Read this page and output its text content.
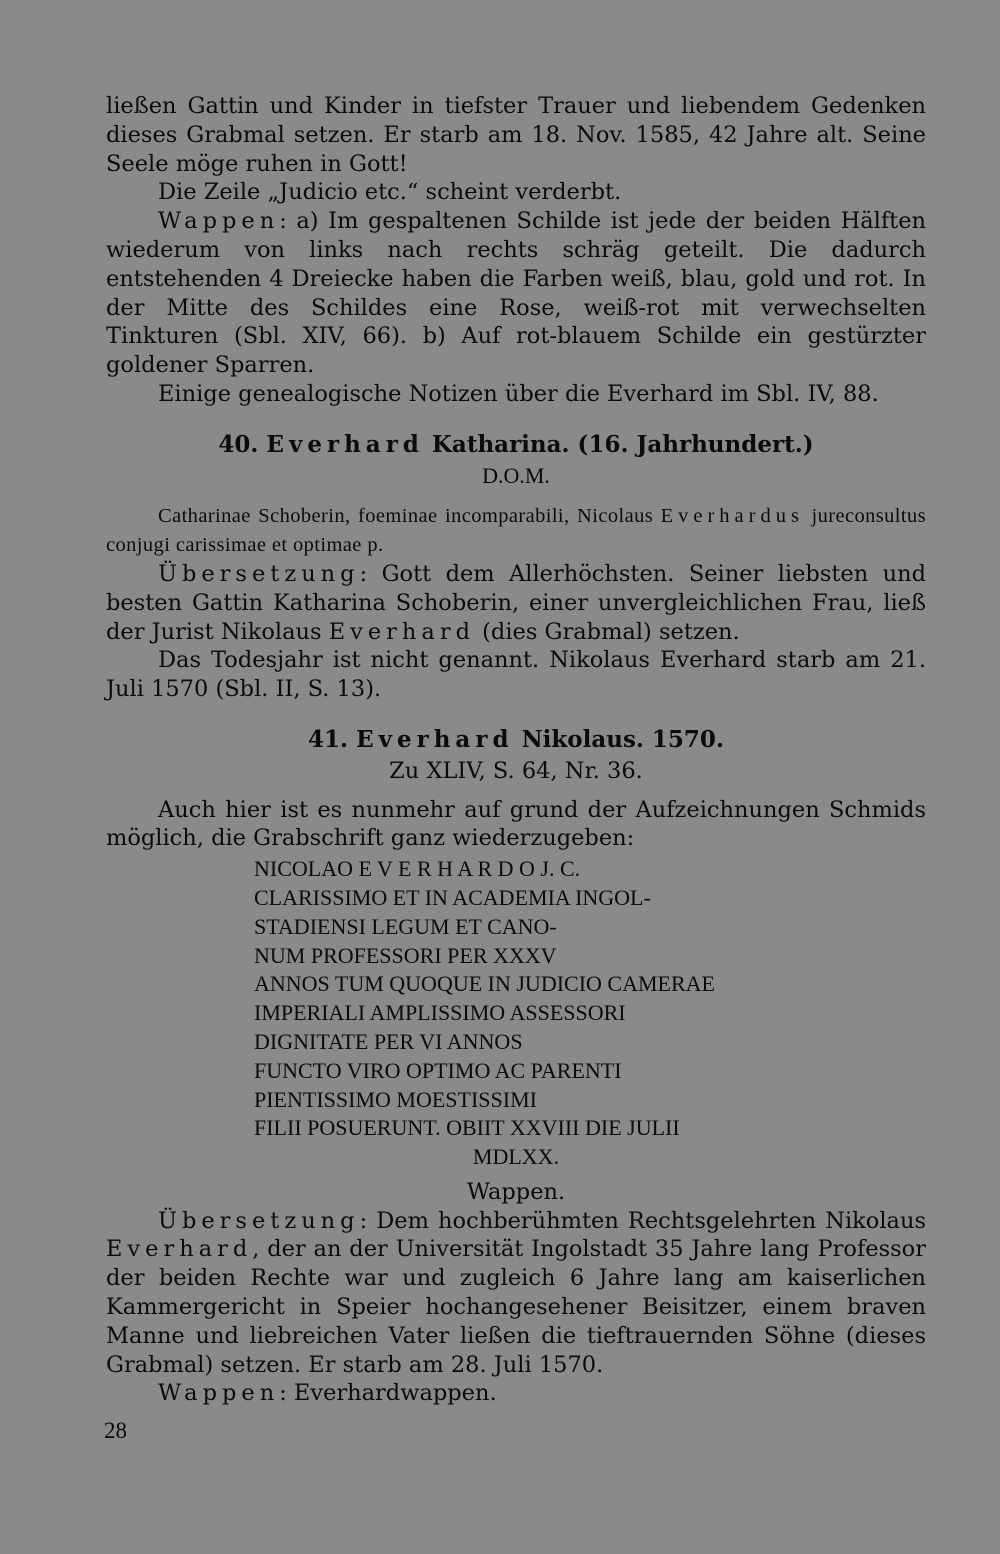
ließen Gattin und Kinder in tiefster Trauer und liebendem Gedenken dieses Grabmal setzen. Er starb am 18. Nov. 1585, 42 Jahre alt. Seine Seele möge ruhen in Gott!

Die Zeile „Judicio etc.“ scheint verderbt.

Wappen: a) Im gespaltenen Schilde ist jede der beiden Hälften wiederum von links nach rechts schräg geteilt. Die dadurch entstehenden 4 Dreiecke haben die Farben weiß, blau, gold und rot. In der Mitte des Schildes eine Rose, weiß-rot mit verwechselten Tinkturen (Sbl. XIV, 66). b) Auf rot-blauem Schilde ein gestürzter goldener Sparren.

Einige genealogische Notizen über die Everhard im Sbl. IV, 88.

40. Everhard Katharina. (16. Jahrhundert.)
D.O.M.

Catharinae Schoberin, foeminae incomparabili, Nicolaus Everhardus jureconsultus conjugi carissimae et optimae p.

Übersetzung: Gott dem Allerhöchsten. Seiner liebsten und besten Gattin Katharina Schoberin, einer unvergleichlichen Frau, ließ der Jurist Nikolaus Everhard (dies Grabmal) setzen.

Das Todesjahr ist nicht genannt. Nikolaus Everhard starb am 21. Juli 1570 (Sbl. II, S. 13).

41. Everhard Nikolaus. 1570.
Zu XLIV, S. 64, Nr. 36.

Auch hier ist es nunmehr auf grund der Aufzeichnungen Schmids möglich, die Grabschrift ganz wiederzugeben:

NICOLAO E V E R H A R D O J. C.
CLARISSIMO ET IN ACADEMIA INGOL-
STADIENSI LEGUM ET CANO-
NUM PROFESSORI PER XXXV
ANNOS TUM QUOQUE IN JUDICIO CAMERAE
IMPERIALI AMPLISSIMO ASSESSORI
DIGNITATE PER VI ANNOS
FUNCTO VIRO OPTIMO AC PARENTI
PIENTISSIMO MOESTISSIMI
FILII POSUERUNT. OBIIT XXVIII DIE JULII
MDLXX.
Wappen.

Übersetzung: Dem hochberühmten Rechtsgelehrten Nikolaus Everhard, der an der Universität Ingolstadt 35 Jahre lang Professor der beiden Rechte war und zugleich 6 Jahre lang am kaiserlichen Kammergericht in Speier hochangesehener Beisitzer, einem braven Manne und liebreichen Vater ließen die tieftrauernden Söhne (dieses Grabmal) setzen. Er starb am 28. Juli 1570.

Wappen: Everhardwappen.

28
